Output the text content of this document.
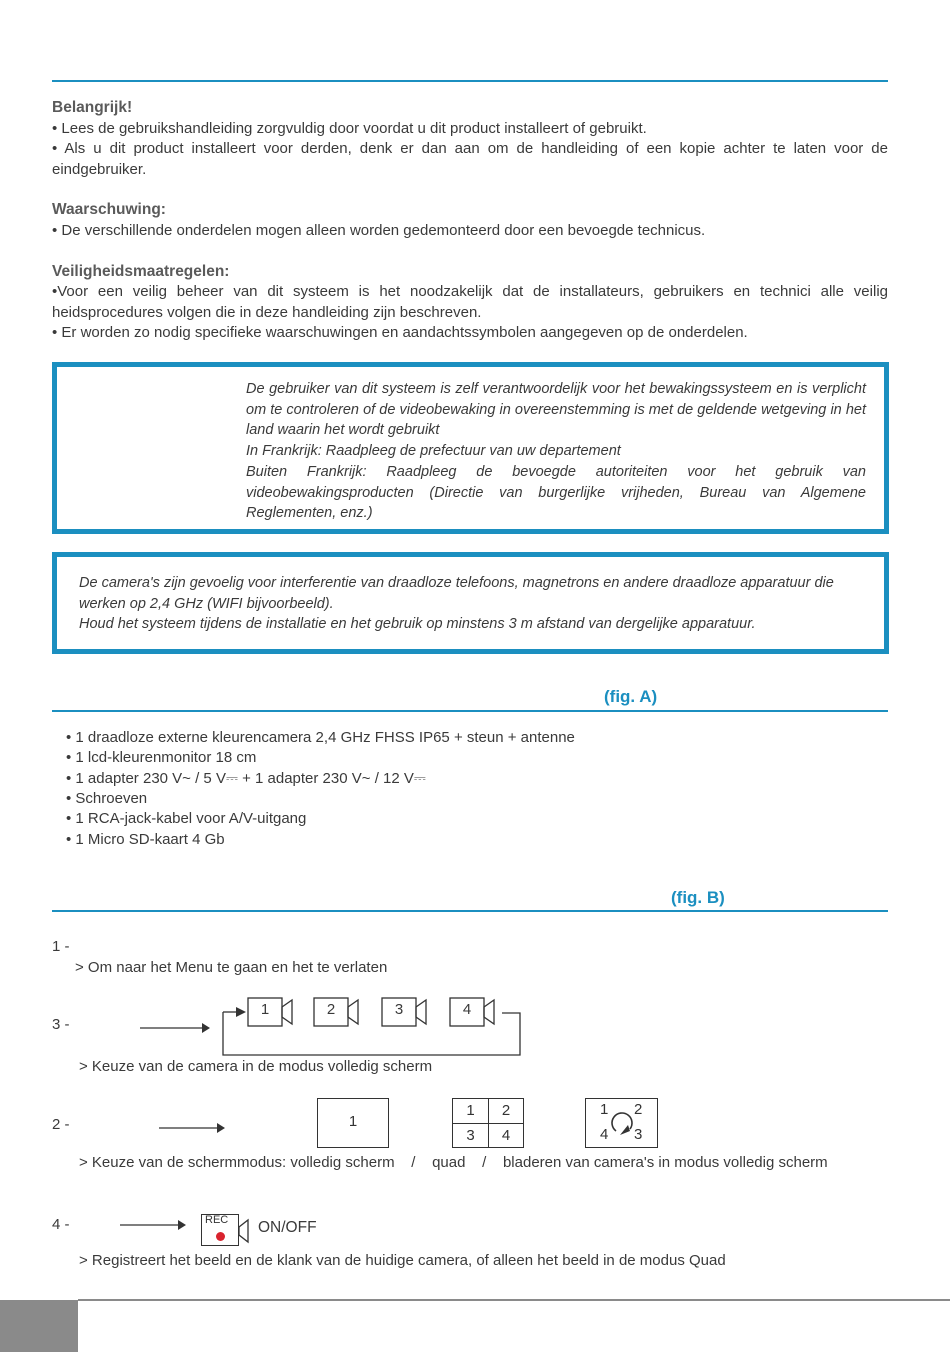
Belangrijk!
• Lees de gebruikshandleiding zorgvuldig door voordat u dit product installeert of gebruikt.
• Als u dit product installeert voor derden, denk er dan aan om de handleiding of een kopie achter te laten voor de eindgebruiker.
Waarschuwing:
• De verschillende onderdelen mogen alleen worden gedemonteerd door een bevoegde technicus.
Veiligheidsmaatregelen:
•Voor een veilig beheer van dit systeem is het noodzakelijk dat de installateurs, gebruikers en technici alle veilig heidsprocedures volgen die in deze handleiding zijn beschreven.
• Er worden zo nodig specifieke waarschuwingen en aandachtssymbolen aangegeven op de onderdelen.
De gebruiker van dit systeem is zelf verantwoordelijk voor het bewakingssysteem en is verplicht om te controleren of de videobewaking in overeenstemming is met de geldende wetgeving in het land waarin het wordt gebruikt
In Frankrijk: Raadpleeg de prefectuur van uw departement
Buiten Frankrijk: Raadpleeg de bevoegde autoriteiten voor het gebruik van videobewakingsproducten (Directie van burgerlijke vrijheden, Bureau van Algemene Reglementen, enz.)
De camera's zijn gevoelig voor interferentie van draadloze telefoons, magnetrons en andere draadloze apparatuur die werken op 2,4 GHz (WIFI bijvoorbeeld).
Houd het systeem tijdens de installatie en het gebruik op minstens 3 m afstand van dergelijke apparatuur.
(fig. A)
• 1 draadloze externe kleurencamera 2,4 GHz FHSS IP65 + steun + antenne
• 1 lcd-kleurenmonitor 18 cm
• 1 adapter 230 V~ / 5 V⎓ + 1 adapter 230 V~ / 12 V⎓
• Schroeven
• 1 RCA-jack-kabel voor A/V-uitgang
• 1 Micro SD-kaart 4 Gb
(fig. B)
1 -
> Om naar het Menu te gaan en het te verlaten
3 -
1	2	3	4
> Keuze van de camera in de modus volledig scherm
2 -	1
1	2
3	4
1 2
4 3
> Keuze van de schermmodus: volledig scherm    /    quad    /    bladeren van camera's in modus volledig scherm
4 -	REC ON/OFF
> Registreert het beeld en de klank van de huidige camera, of alleen het beeld in de modus Quad
